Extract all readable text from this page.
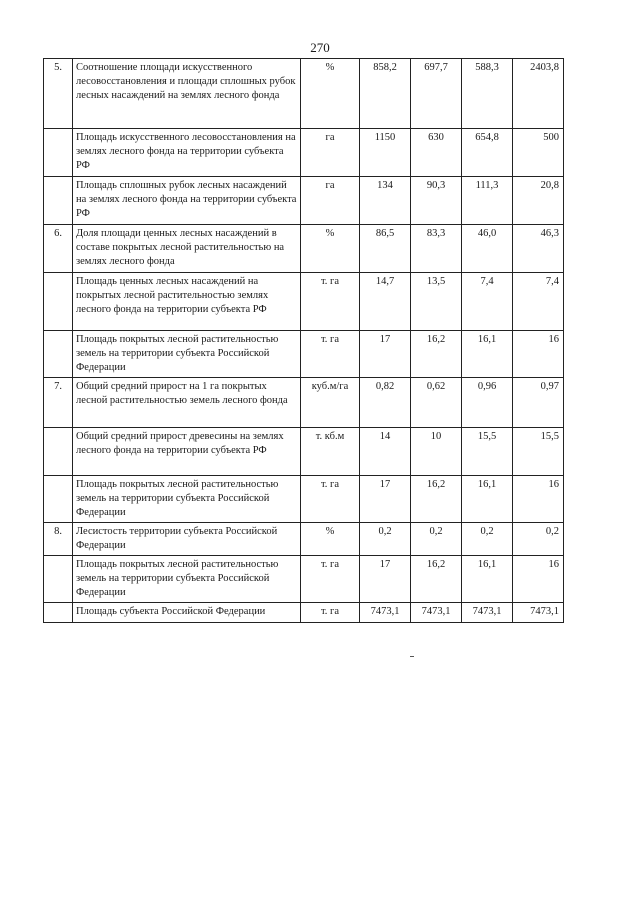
270
5.	Соотношение площади искусственного лесовосстановления и площади сплошных рубок лесных насаждений на землях лесного фонда	%	858,2	697,7	588,3	2403,8
	Площадь искусственного лесовосстановления на землях лесного фонда на территории субъекта РФ	га	1150	630	654,8	500
	Площадь сплошных рубок лесных насаждений на землях лесного фонда на территории субъекта РФ	га	134	90,3	111,3	20,8
6.	Доля площади ценных лесных насаждений в составе покрытых лесной растительностью на землях лесного фонда	%	86,5	83,3	46,0	46,3
	Площадь ценных лесных насаждений на покрытых лесной растительностью землях лесного фонда на территории субъекта РФ	т. га	14,7	13,5	7,4	7,4
	Площадь покрытых лесной растительностью земель на территории субъекта Российской Федерации	т. га	17	16,2	16,1	16
7.	Общий средний прирост на 1 га покрытых лесной растительностью земель лесного фонда	куб.м/га	0,82	0,62	0,96	0,97
	Общий средний прирост древесины на землях лесного фонда на территории субъекта РФ	т. кб.м	14	10	15,5	15,5
	Площадь покрытых лесной растительностью земель на территории субъекта Российской Федерации	т. га	17	16,2	16,1	16
8.	Лесистость территории субъекта Российской Федерации	%	0,2	0,2	0,2	0,2
	Площадь покрытых лесной растительностью земель на территории субъекта Российской Федерации	т. га	17	16,2	16,1	16
	Площадь субъекта Российской Федерации	т. га	7473,1	7473,1	7473,1	7473,1
